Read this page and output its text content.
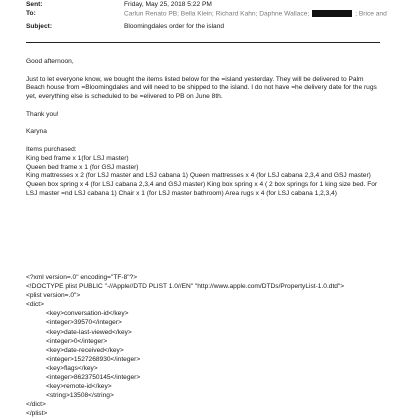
Sent:	Friday, May 25, 2018 5:22 PM
To:	Carlun Renato PB; Bella Klein; Richard Kahn; Daphne Wallace;	; Brice and
Subject:	Bloomingdales order for the island

Good afternoon,

Just to let everyone know, we bought the items listed below for the =island yesterday. They will be delivered to Palm Beach house from =Bloomingdales and will need to be shipped to the island. I do not have =he delivery date for the rugs yet, everything else is scheduled to be =elivered to PB on June 8th.

Thank you!

Karyna

Items purchased:

King bed frame x 1(for LSJ master)

Queen bed frame x 1 (for GSJ master)

King mattresses x 2 (for LSJ master and LSJ cabana 1) Queen mattresses x 4 (for LSJ cabana 2,3,4 and GSJ master) Queen box spring x 4 (for LSJ cabana 2,3,4 and GSJ master) King box spring x 4 ( 2 box springs for 1 king size bed. For LSJ master =nd LSJ cabana 1) Chair x 1 (for LSJ master bathroom) Area rugs x 4 (for LSJ cabana 1,2,3,4)

<?xml version=.0" encoding="TF-8"?>
<!DOCTYPE plist PUBLIC "-//Apple//DTD PLIST 1.0//EN" "http://www.apple.com/DTDs/PropertyList-1.0.dtd">
<plist version=.0">
<dict>
<key>conversation-id</key>
<integer>39570</integer>
<key>date-last-viewed</key>
<integer>0</integer>
<key>date-received</key>
<integer>1527268930</integer>
<key>flags</key>
<integer>8623750145</integer>
<key>remote-id</key>
<string>13508</string>
</dict>
</plist>
